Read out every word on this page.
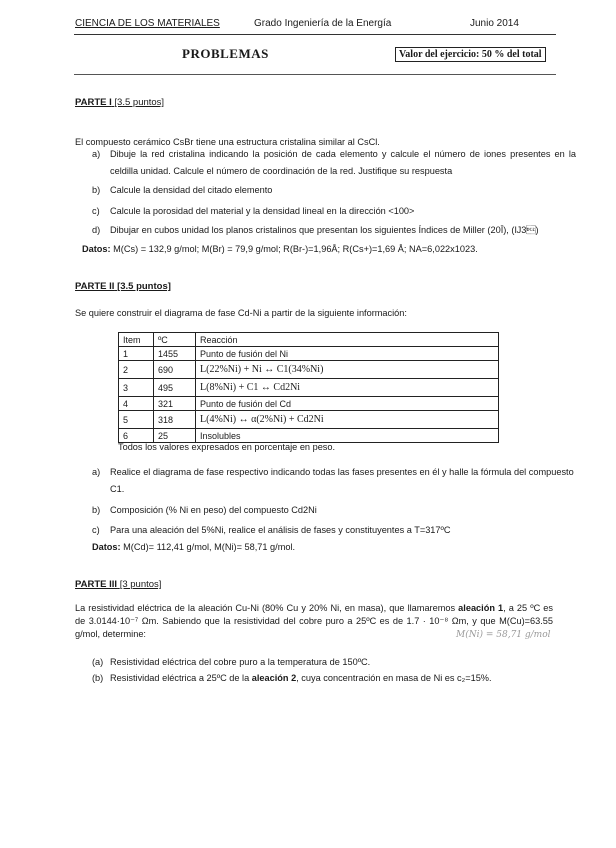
CIENCIA DE LOS MATERIALES	Grado Ingeniería de la Energía	Junio 2014
PROBLEMAS	Valor del ejercicio: 50 % del total
PARTE I [3.5 puntos]
El compuesto cerámico CsBr tiene una estructura cristalina similar al CsCl.
a)	Dibuje la red cristalina indicando la posición de cada elemento y calcule el número de iones presentes en la celdilla unidad. Calcule el número de coordinación de la red. Justifique su respuesta
b)	Calcule la densidad del citado elemento
c)	Calcule la porosidad del material y la densidad lineal en la dirección <100>
d)	Dibujar en cubos unidad los planos cristalinos que presentan los siguientes Índices de Miller (20Ī), (Ĳ3)
Datos: M(Cs) = 132,9 g/mol; M(Br) = 79,9 g/mol; R(Br-)=1,96Å; R(Cs+)=1,69 Å; NA=6,022x1023.
PARTE II [3.5 puntos]
Se quiere construir el diagrama de fase Cd-Ni a partir de la siguiente información:
Item	ºC	Reacción
1	1455	Punto de fusión del Ni
2	690	L(22%Ni) + Ni ↔ C1(34%Ni)
3	495	L(8%Ni) + C1 ↔ Cd2Ni
4	321	Punto de fusión del Cd
5	318	L(4%Ni) ↔ α(2%Ni) + Cd2Ni
6	25	Insolubles
Todos los valores expresados en porcentaje en peso.
a)	Realice el diagrama de fase respectivo indicando todas las fases presentes en él y halle la fórmula del compuesto C1.
b)	Composición (% Ni en peso) del compuesto Cd2Ni
c)	Para una aleación del 5%Ni, realice el análisis de fases y constituyentes a T=317ºC
Datos: M(Cd)= 112,41 g/mol, M(Ni)= 58,71 g/mol.
PARTE III [3 puntos]
La resistividad eléctrica de la aleación Cu-Ni (80% Cu y 20% Ni, en masa), que llamaremos aleación 1, a 25 ºC es de 3.0144·10⁻⁷ Ωm. Sabiendo que la resistividad del cobre puro a 25ºC es de 1.7 · 10⁻⁸ Ωm, y que M(Cu)=63.55 g/mol, determine:	M(Ni) = 58,71 g/mol
(a) Resistividad eléctrica del cobre puro a la temperatura de 150ºC.
(b) Resistividad eléctrica a 25ºC de la aleación 2, cuya concentración en masa de Ni es c₂=15%.
